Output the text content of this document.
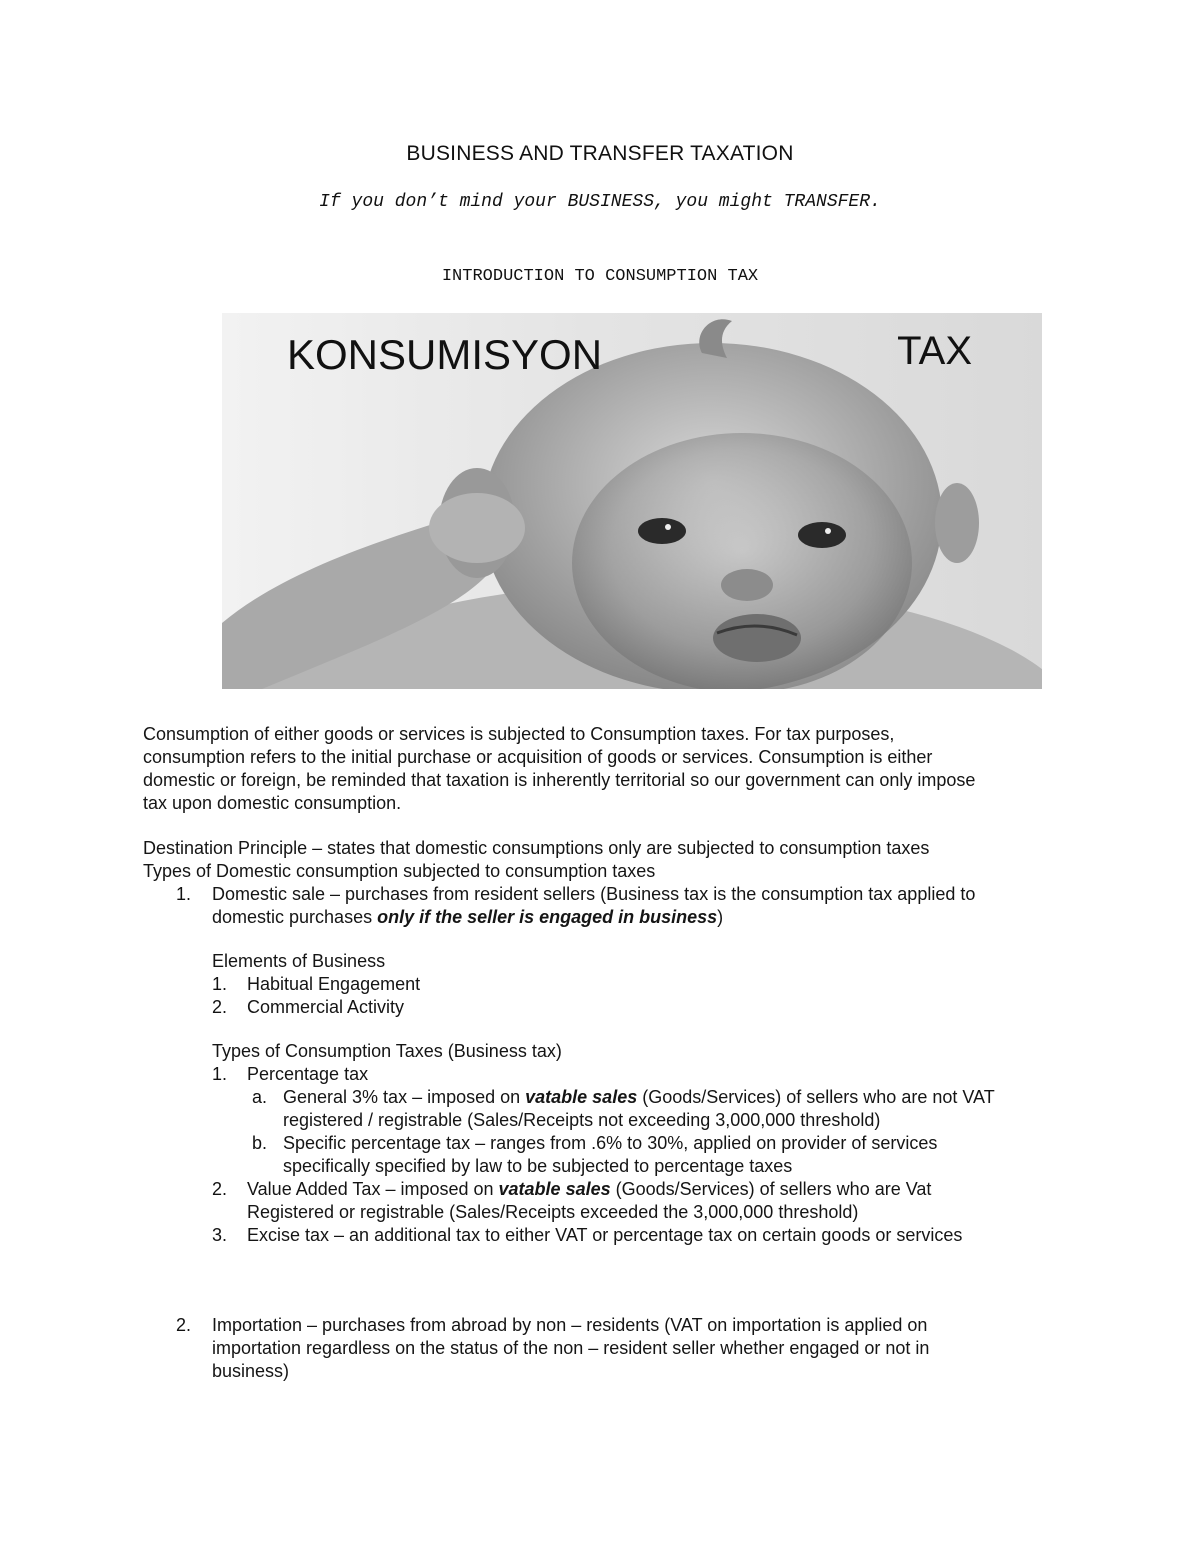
BUSINESS AND TRANSFER TAXATION
If you don’t mind your BUSINESS, you might TRANSFER.
INTRODUCTION TO CONSUMPTION TAX
KONSUMISYON	TAX
Consumption of either goods or services is subjected to Consumption taxes. For tax purposes,
consumption refers to the initial purchase or acquisition of goods or services. Consumption is either
domestic or foreign, be reminded that taxation is inherently territorial so our government can only impose
tax upon domestic consumption.
Destination Principle – states that domestic consumptions only are subjected to consumption taxes
Types of Domestic consumption subjected to consumption taxes
1. Domestic sale – purchases from resident sellers (Business tax is the consumption tax applied to
domestic purchases only if the seller is engaged in business)
Elements of Business
1. Habitual Engagement
2. Commercial Activity
Types of Consumption Taxes (Business tax)
1. Percentage tax
a. General 3% tax – imposed on vatable sales (Goods/Services) of sellers who are not VAT
registered / registrable (Sales/Receipts not exceeding 3,000,000 threshold)
b. Specific percentage tax – ranges from .6% to 30%, applied on provider of services
specifically specified by law to be subjected to percentage taxes
2. Value Added Tax – imposed on vatable sales (Goods/Services) of sellers who are Vat
Registered or registrable (Sales/Receipts exceeded the 3,000,000 threshold)
3. Excise tax – an additional tax to either VAT or percentage tax on certain goods or services
2. Importation – purchases from abroad by non – residents (VAT on importation is applied on
importation regardless on the status of the non – resident seller whether engaged or not in
business)
